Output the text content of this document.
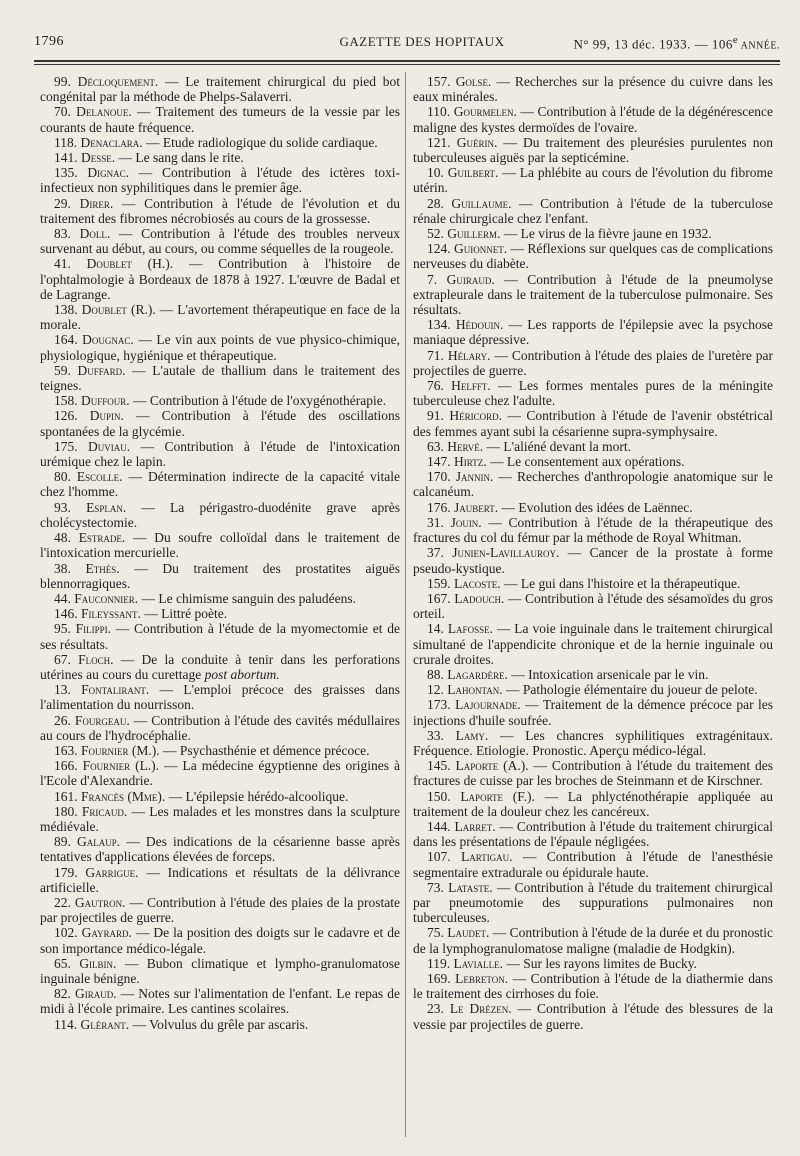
1796	GAZETTE DES HOPITAUX	N° 99, 13 déc. 1933. — 106e ANNÉE.

99. Décloquement. — Le traitement chirurgical du pied bot congénital par la méthode de Phelps-Salaverri.

70. Delanoue. — Traitement des tumeurs de la vessie par les courants de haute fréquence.

118. Denaclara. — Etude radiologique du solide cardiaque.

141. Desse. — Le sang dans le rite.

135. Dignac. — Contribution à l'étude des ictères toxi-infectieux non syphilitiques dans le premier âge.

29. Direr. — Contribution à l'étude de l'évolution et du traitement des fibromes nécrobiosés au cours de la grossesse.

83. Doll. — Contribution à l'étude des troubles nerveux survenant au début, au cours, ou comme séquelles de la rougeole.

41. Doublet (H.). — Contribution à l'histoire de l'ophtalmologie à Bordeaux de 1878 à 1927. L'œuvre de Badal et de Lagrange.

138. Doublet (R.). — L'avortement thérapeutique en face de la morale.

164. Dougnac. — Le vin aux points de vue physico-chimique, physiologique, hygiénique et thérapeutique.

59. Duffard. — L'autale de thallium dans le traitement des teignes.

158. Duffour. — Contribution à l'étude de l'oxygénothérapie.

126. Dupin. — Contribution à l'étude des oscillations spontanées de la glycémie.

175. Duviau. — Contribution à l'étude de l'intoxication urémique chez le lapin.

80. Escolle. — Détermination indirecte de la capacité vitale chez l'homme.

93. Esplan. — La périgastro-duodénite grave après cholécystectomie.

48. Estrade. — Du soufre colloïdal dans le traitement de l'intoxication mercurielle.

38. Ethès. — Du traitement des prostatites aiguës blennorragiques.

44. Fauconnier. — Le chimisme sanguin des paludéens.

146. Fileyssant. — Littré poète.

95. Filippi. — Contribution à l'étude de la myomectomie et de ses résultats.

67. Floch. — De la conduite à tenir dans les perforations utérines au cours du curettage post abortum.

13. Fontaliranт. — L'emploi précoce des graisses dans l'alimentation du nourrisson.

26. Fourgeau. — Contribution à l'étude des cavités médullaires au cours de l'hydrocéphalie.

163. Fournier (M.). — Psychasthénie et démence précoce.

166. Fournier (L.). — La médecine égyptienne des origines à l'Ecole d'Alexandrie.

161. Francès (Mme). — L'épilepsie hérédo-alcoolique.

180. Fricaud. — Les malades et les monstres dans la sculpture médiévale.

89. Galaup. — Des indications de la césarienne basse après tentatives d'applications élevées de forceps.

179. Garrigue. — Indications et résultats de la délivrance artificielle.

22. Gautron. — Contribution à l'étude des plaies de la prostate par projectiles de guerre.

102. Gayrard. — De la position des doigts sur le cadavre et de son importance médico-légale.

65. Gilbin. — Bubon climatique et lympho-granulomatose inguinale bénigne.

82. Giraud. — Notes sur l'alimentation de l'enfant. Le repas de midi à l'école primaire. Les cantines scolaires.

114. Glérant. — Volvulus du grêle par ascaris.

157. Golse. — Recherches sur la présence du cuivre dans les eaux minérales.

110. Gourmelen. — Contribution à l'étude de la dégénérescence maligne des kystes dermoïdes de l'ovaire.

121. Guérin. — Du traitement des pleurésies purulentes non tuberculeuses aiguës par la septicémine.

10. Guilbert. — La phlébite au cours de l'évolution du fibrome utérin.

28. Guillaume. — Contribution à l'étude de la tuberculose rénale chirurgicale chez l'enfant.

52. Guillerm. — Le virus de la fièvre jaune en 1932.

124. Guionnet. — Réflexions sur quelques cas de complications nerveuses du diabète.

7. Guiraud. — Contribution à l'étude de la pneumolyse extrapleurale dans le traitement de la tuberculose pulmonaire. Ses résultats.

134. Hédouin. — Les rapports de l'épilepsie avec la psychose maniaque dépressive.

71. Hélary. — Contribution à l'étude des plaies de l'uretère par projectiles de guerre.

76. Helfft. — Les formes mentales pures de la méningite tuberculeuse chez l'adulte.

91. Héricord. — Contribution à l'étude de l'avenir obstétrical des femmes ayant subi la césarienne supra-symphysaire.

63. Hervé. — L'aliéné devant la mort.

147. Hirtz. — Le consentement aux opérations.

170. Jannin. — Recherches d'anthropologie anatomique sur le calcanéum.

176. Jaubert. — Evolution des idées de Laënnec.

31. Jouin. — Contribution à l'étude de la thérapeutique des fractures du col du fémur par la méthode de Royal Whitman.

37. Junien-Lavillauroy. — Cancer de la prostate à forme pseudo-kystique.

159. Lacoste. — Le gui dans l'histoire et la thérapeutique.

167. Ladouch. — Contribution à l'étude des sésamoïdes du gros orteil.

14. Lafosse. — La voie inguinale dans le traitement chirurgical simultané de l'appendicite chronique et de la hernie inguinale ou crurale droites.

88. Lagardère. — Intoxication arsenicale par le vin.

12. Lahontan. — Pathologie élémentaire du joueur de pelote.

173. Lajournade. — Traitement de la démence précoce par les injections d'huile soufrée.

33. Lamy. — Les chancres syphilitiques extragénitaux. Fréquence. Etiologie. Pronostic. Aperçu médico-légal.

145. Laporte (A.). — Contribution à l'étude du traitement des fractures de cuisse par les broches de Steinmann et de Kirschner.

150. Laporte (F.). — La phlycténothérapie appliquée au traitement de la douleur chez les cancéreux.

144. Larret. — Contribution à l'étude du traitement chirurgical dans les présentations de l'épaule négligées.

107. Lartigau. — Contribution à l'étude de l'anesthésie segmentaire extradurale ou épidurale haute.

73. Lataste. — Contribution à l'étude du traitement chirurgical par pneumotomie des suppurations pulmonaires non tuberculeuses.

75. Laudet. — Contribution à l'étude de la durée et du pronostic de la lymphogranulomatose maligne (maladie de Hodgkin).

119. Lavialle. — Sur les rayons limites de Bucky.

169. Lebreton. — Contribution à l'étude de la diathermie dans le traitement des cirrhoses du foie.

23. Le Drézen. — Contribution à l'étude des blessures de la vessie par projectiles de guerre.
